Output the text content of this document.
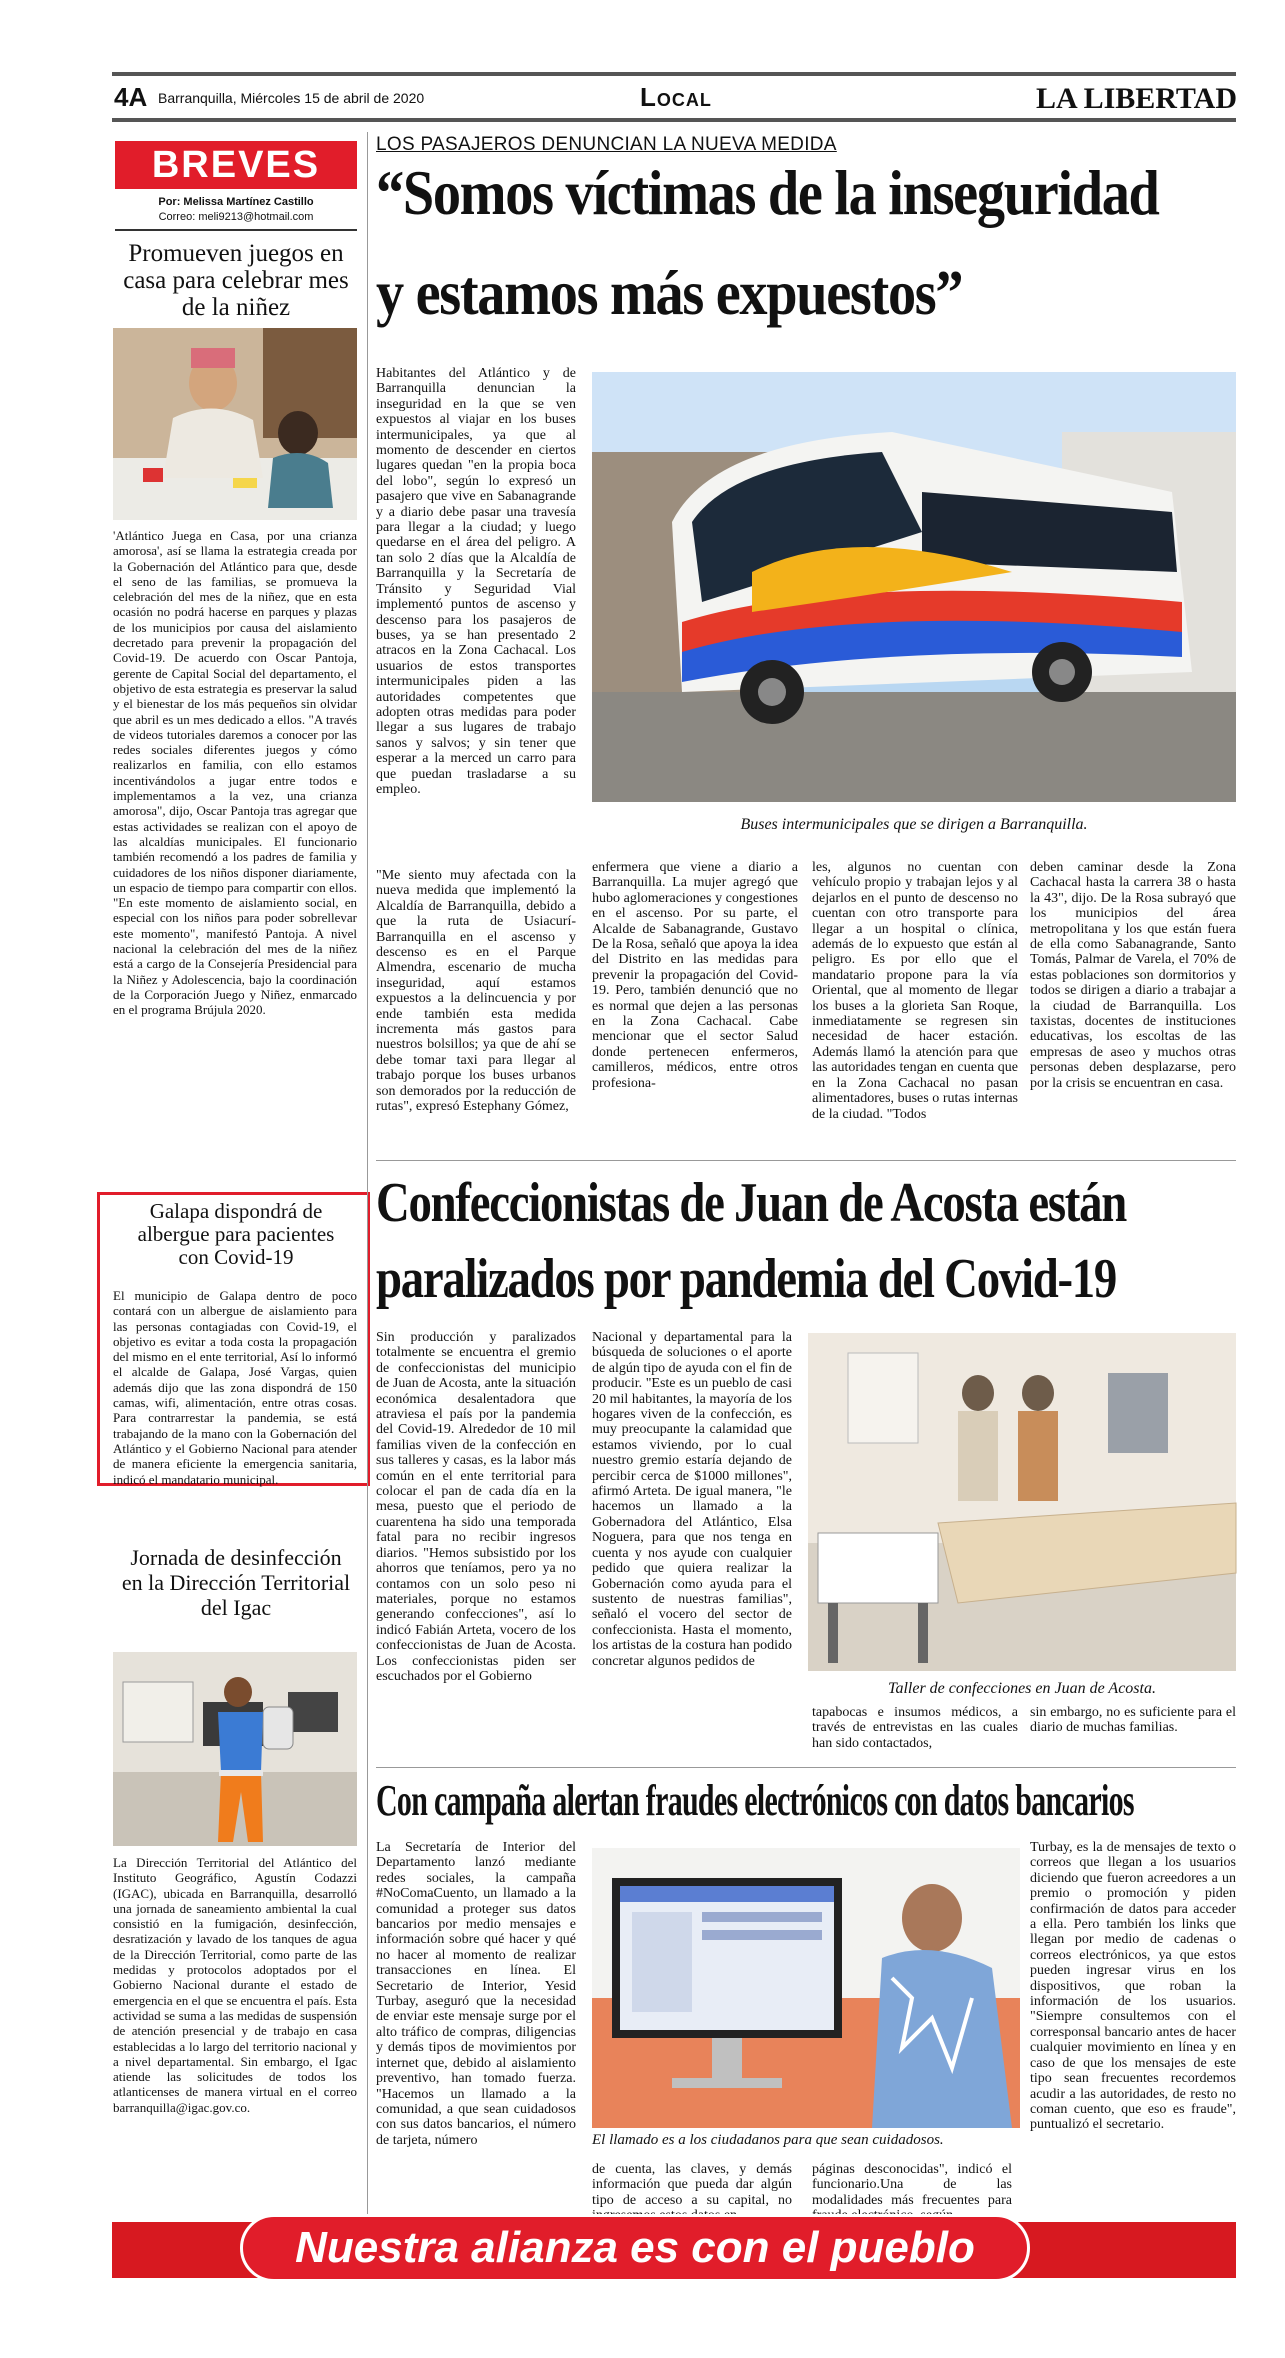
4A Barranquilla, Miércoles 15 de abril de 2020	Local	LA LIBERTAD
BREVES
Por: Melissa Martínez Castillo
Correo: meli9213@hotmail.com
Promueven juegos en casa para celebrar mes de la niñez
'Atlántico Juega en Casa, por una crianza amorosa', así se llama la estrategia creada por la Gobernación del Atlántico para que, desde el seno de las familias, se promueva la celebración del mes de la niñez, que en esta ocasión no podrá hacerse en parques y plazas de los municipios por causa del aislamiento decretado para prevenir la propagación del Covid-19. De acuerdo con Oscar Pantoja, gerente de Capital Social del departamento, el objetivo de esta estrategia es preservar la salud y el bienestar de los más pequeños sin olvidar que abril es un mes dedicado a ellos. "A través de videos tutoriales daremos a conocer por las redes sociales diferentes juegos y cómo realizarlos en familia, con ello estamos incentivándolos a jugar entre todos e implementamos a la vez, una crianza amorosa", dijo, Oscar Pantoja tras agregar que estas actividades se realizan con el apoyo de las alcaldías municipales. El funcionario también recomendó a los padres de familia y cuidadores de los niños disponer diariamente, un espacio de tiempo para compartir con ellos. "En este momento de aislamiento social, en especial con los niños para poder sobrellevar este momento", manifestó Pantoja. A nivel nacional la celebración del mes de la niñez está a cargo de la Consejería Presidencial para la Niñez y Adolescencia, bajo la coordinación de la Corporación Juego y Niñez, enmarcado en el programa Brújula 2020.
Galapa dispondrá de albergue para pacientes con Covid-19
El municipio de Galapa dentro de poco contará con un albergue de aislamiento para las personas contagiadas con Covid-19, el objetivo es evitar a toda costa la propagación del mismo en el ente territorial, Así lo informó el alcalde de Galapa, José Vargas, quien además dijo que las zona dispondrá de 150 camas, wifi, alimentación, entre otras cosas. Para contrarrestar la pandemia, se está trabajando de la mano con la Gobernación del Atlántico y el Gobierno Nacional para atender de manera eficiente la emergencia sanitaria, indicó el mandatario municipal.
Jornada de desinfección en la Dirección Territorial del Igac
La Dirección Territorial del Atlántico del Instituto Geográfico, Agustín Codazzi (IGAC), ubicada en Barranquilla, desarrolló una jornada de saneamiento ambiental la cual consistió en la fumigación, desinfección, desratización y lavado de los tanques de agua de la Dirección Territorial, como parte de las medidas y protocolos adoptados por el Gobierno Nacional durante el estado de emergencia en el que se encuentra el país. Esta actividad se suma a las medidas de suspensión de atención presencial y de trabajo en casa establecidas a lo largo del territorio nacional y a nivel departamental. Sin embargo, el Igac atiende las solicitudes de todos los atlanticenses de manera virtual en el correo barranquilla@igac.gov.co.
LOS PASAJEROS DENUNCIAN LA NUEVA MEDIDA
“Somos víctimas de la inseguridad
y estamos más expuestos”
Habitantes del Atlántico y de Barranquilla denuncian la inseguridad en la que se ven expuestos al viajar en los buses intermunicipales, ya que al momento de descender en ciertos lugares quedan "en la propia boca del lobo", según lo expresó un pasajero que vive en Sabanagrande y a diario debe pasar una travesía para llegar a la ciudad; y luego quedarse en el área del peligro. A tan solo 2 días que la Alcaldía de Barranquilla y la Secretaría de Tránsito y Seguridad Vial implementó puntos de ascenso y descenso para los pasajeros de buses, ya se han presentado 2 atracos en la Zona Cachacal. Los usuarios de estos transportes intermunicipales piden a las autoridades competentes que adopten otras medidas para poder llegar a sus lugares de trabajo sanos y salvos; y sin tener que esperar a la merced un carro para que puedan trasladarse a su empleo.
Buses intermunicipales que se dirigen a Barranquilla.
"Me siento muy afectada con la nueva medida que implementó la Alcaldía de Barranquilla, debido a que la ruta de Usiacurí-Barranquilla en el ascenso y descenso es en el Parque Almendra, escenario de mucha inseguridad, aquí estamos expuestos a la delincuencia y por ende también esta medida incrementa más gastos para nuestros bolsillos; ya que de ahí se debe tomar taxi para llegar al trabajo porque los buses urbanos son demorados por la reducción de rutas", expresó Estephany Gómez,
enfermera que viene a diario a Barranquilla. La mujer agregó que hubo aglomeraciones y congestiones en el ascenso. Por su parte, el Alcalde de Sabanagrande, Gustavo De la Rosa, señaló que apoya la idea del Distrito en las medidas para prevenir la propagación del Covid-19. Pero, también denunció que no es normal que dejen a las personas en la Zona Cachacal. Cabe mencionar que el sector Salud donde pertenecen enfermeros, camilleros, médicos, entre otros profesiona-
les, algunos no cuentan con vehículo propio y trabajan lejos y al dejarlos en el punto de descenso no cuentan con otro transporte para llegar a un hospital o clínica, además de lo expuesto que están al peligro. Es por ello que el mandatario propone para la vía Oriental, que al momento de llegar los buses a la glorieta San Roque, inmediatamente se regresen sin necesidad de hacer estación. Además llamó la atención para que las autoridades tengan en cuenta que en la Zona Cachacal no pasan alimentadores, buses o rutas internas de la ciudad. "Todos
deben caminar desde la Zona Cachacal hasta la carrera 38 o hasta la 43", dijo. De la Rosa subrayó que los municipios del área metropolitana y los que están fuera de ella como Sabanagrande, Santo Tomás, Palmar de Varela, el 70% de estas poblaciones son dormitorios y todos se dirigen a diario a trabajar a la ciudad de Barranquilla. Los taxistas, docentes de instituciones educativas, los escoltas de las empresas de aseo y muchos otras personas deben desplazarse, pero por la crisis se encuentran en casa.
Confeccionistas de Juan de Acosta están
paralizados por pandemia del Covid-19
Sin producción y paralizados totalmente se encuentra el gremio de confeccionistas del municipio de Juan de Acosta, ante la situación económica desalentadora que atraviesa el país por la pandemia del Covid-19. Alrededor de 10 mil familias viven de la confección en sus talleres y casas, es la labor más común en el ente territorial para colocar el pan de cada día en la mesa, puesto que el periodo de cuarentena ha sido una temporada fatal para no recibir ingresos diarios. "Hemos subsistido por los ahorros que teníamos, pero ya no contamos con un solo peso ni materiales, porque no estamos generando confecciones", así lo indicó Fabián Arteta, vocero de los confeccionistas de Juan de Acosta. Los confeccionistas piden ser escuchados por el Gobierno
Nacional y departamental para la búsqueda de soluciones o el aporte de algún tipo de ayuda con el fin de producir. "Este es un pueblo de casi 20 mil habitantes, la mayoría de los hogares viven de la confección, es muy preocupante la calamidad que estamos viviendo, por lo cual nuestro gremio estaría dejando de percibir cerca de $1000 millones", afirmó Arteta. De igual manera, "le hacemos un llamado a la Gobernadora del Atlántico, Elsa Noguera, para que nos tenga en cuenta y nos ayude con cualquier pedido que quiera realizar la Gobernación como ayuda para el sustento de nuestras familias", señaló el vocero del sector de confeccionista. Hasta el momento, los artistas de la costura han podido concretar algunos pedidos de
Taller de confecciones en Juan de Acosta.
tapabocas e insumos médicos, a través de entrevistas en las cuales han sido contactados,
sin embargo, no es suficiente para el diario de muchas familias.
Con campaña alertan fraudes electrónicos con datos bancarios
La Secretaría de Interior del Departamento lanzó mediante redes sociales, la campaña #NoComaCuento, un llamado a la comunidad a proteger sus datos bancarios por medio mensajes e información sobre qué hacer y qué no hacer al momento de realizar transacciones en línea. El Secretario de Interior, Yesid Turbay, aseguró que la necesidad de enviar este mensaje surge por el alto tráfico de compras, diligencias y demás tipos de movimientos por internet que, debido al aislamiento preventivo, han tomado fuerza. "Hacemos un llamado a la comunidad, a que sean cuidadosos con sus datos bancarios, el número de tarjeta, número	El llamado es a los ciudadanos para que sean cuidadosos.
de cuenta, las claves, y demás información que pueda dar algún tipo de acceso a su capital, no
páginas desconocidas", indicó el funcionario.Una de las modalidades más frecuentes para
Turbay, es la de mensajes de texto o correos que llegan a los usuarios diciendo que fueron acreedores a un premio o promoción y piden confirmación de datos para acceder a ella. Pero también los links que llegan por medio de cadenas o correos electrónicos, ya que estos pueden ingresar virus en los dispositivos, que roban la información de los usuarios. "Siempre consultemos con el corresponsal bancario antes de hacer cualquier movimiento en línea y en caso de que los mensajes de este tipo sean frecuentes recordemos acudir a las autoridades, de resto no coman cuento, que eso es fraude", puntualizó el secretario.
Nuestra alianza es con el pueblo
